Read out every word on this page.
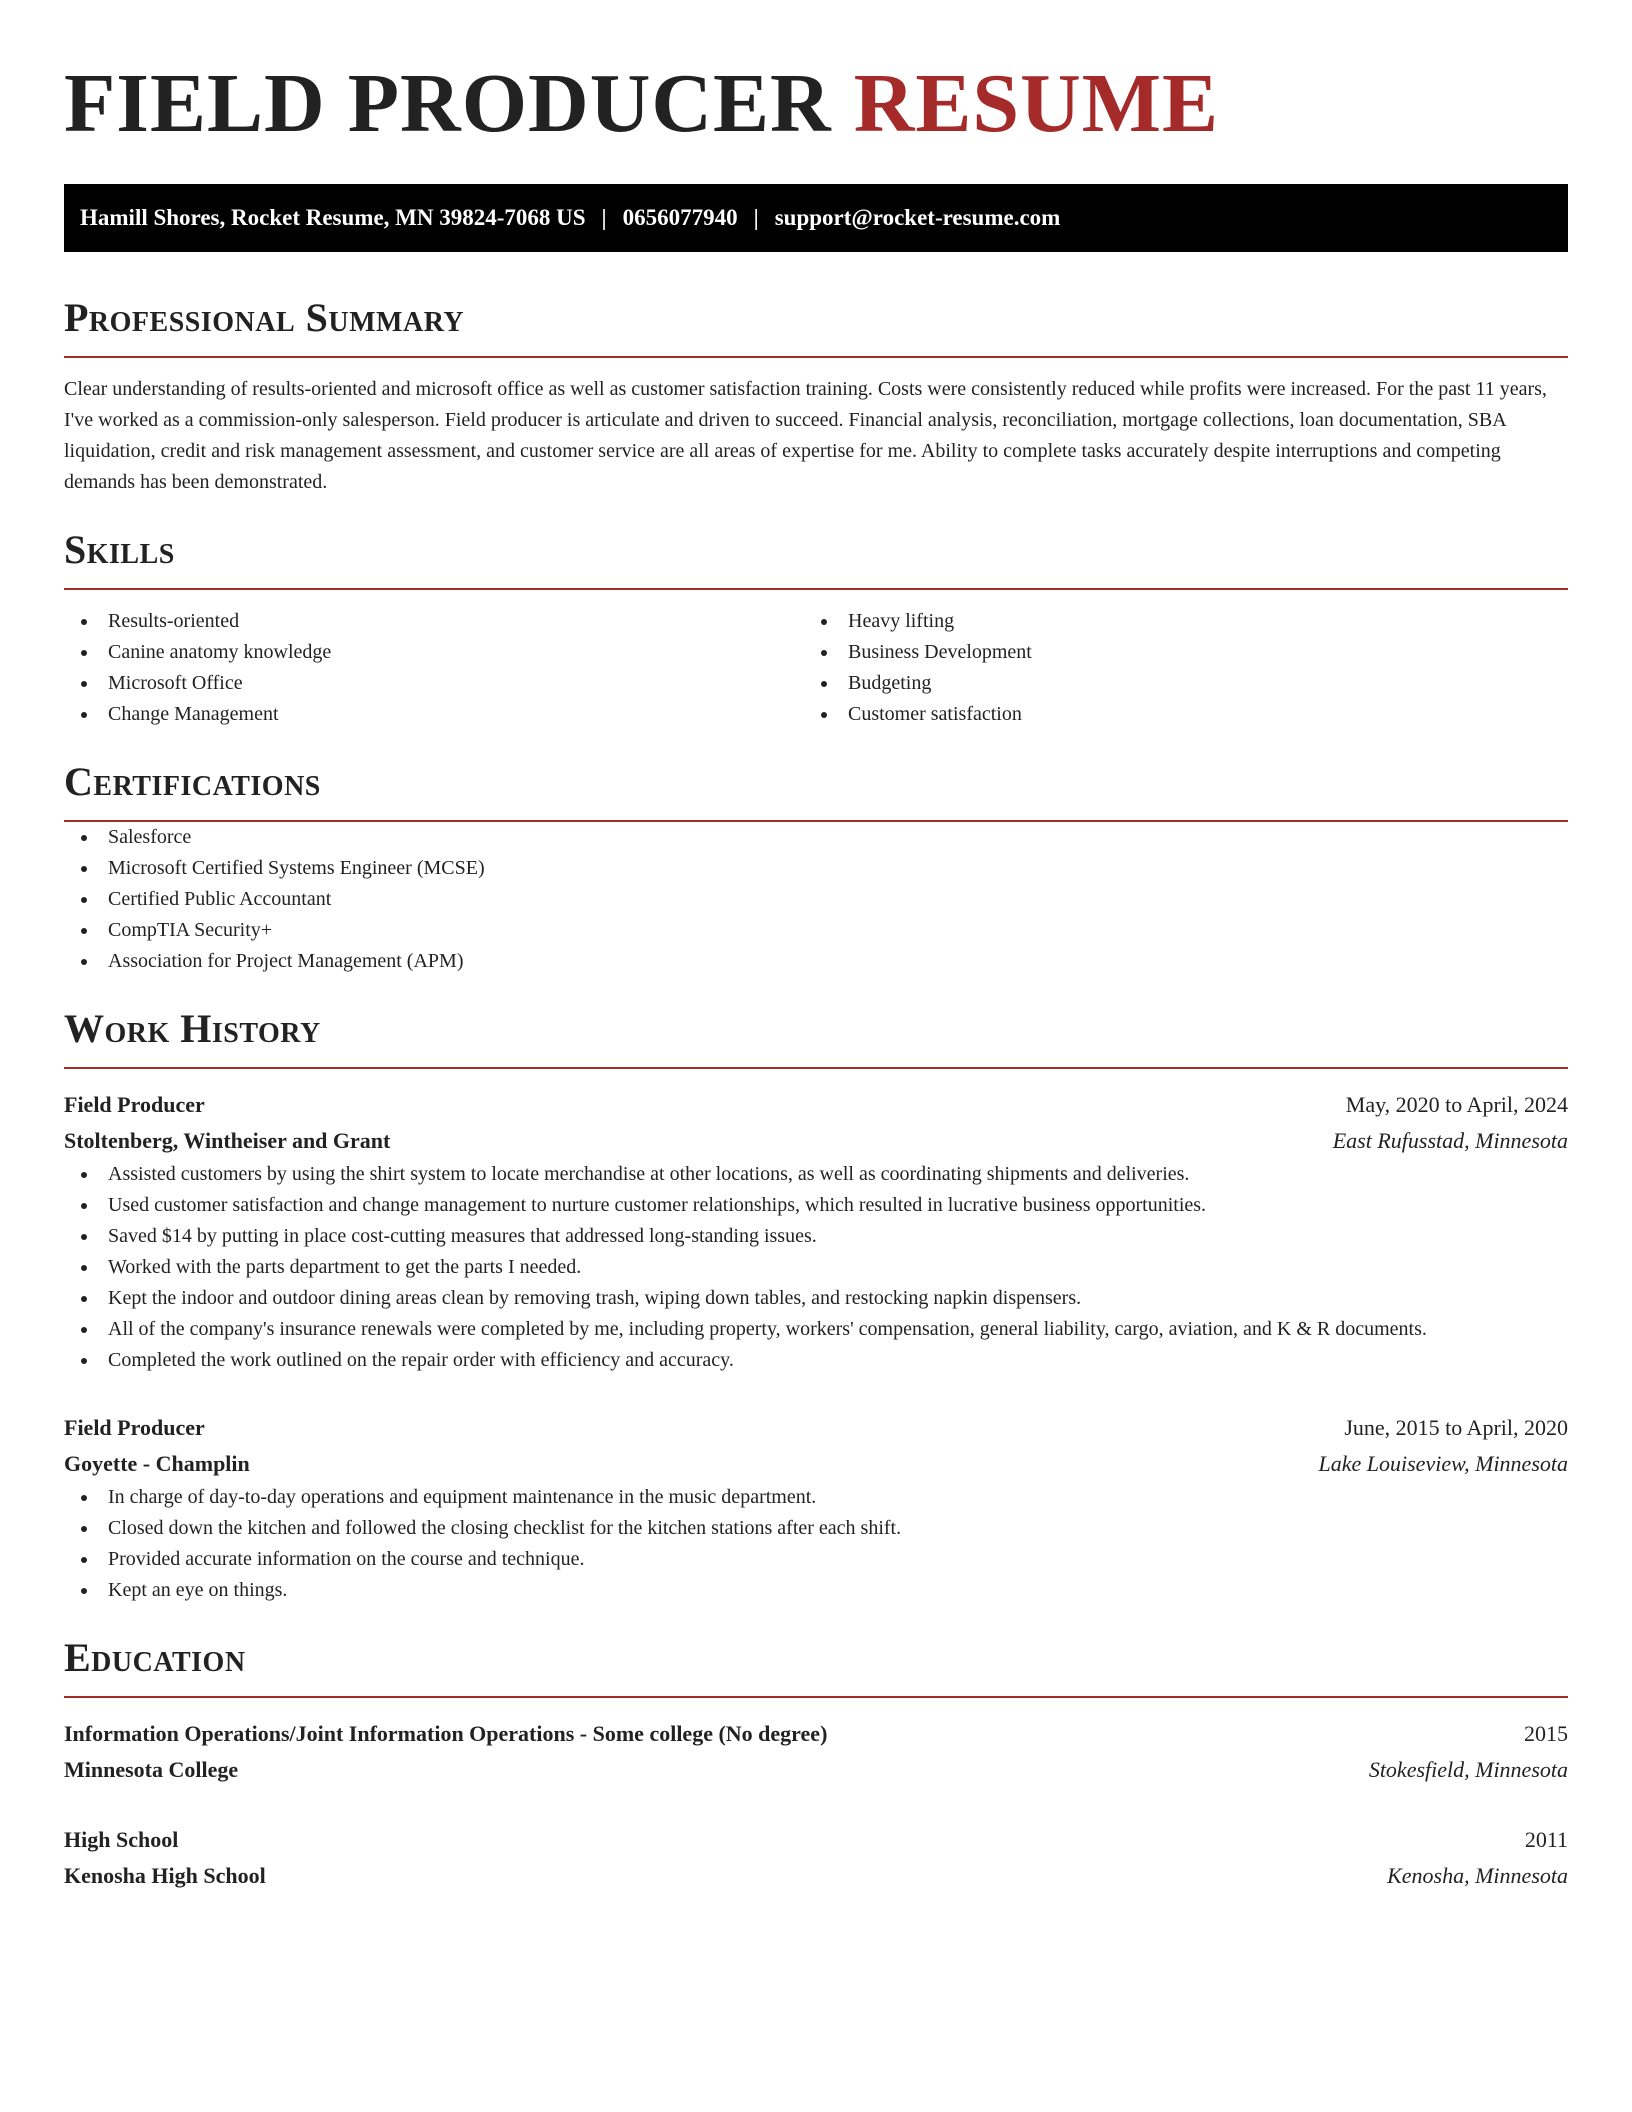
FIELD PRODUCER RESUME
Hamill Shores, Rocket Resume, MN 39824-7068 US | 0656077940 | support@rocket-resume.com
Professional Summary

Clear understanding of results-oriented and microsoft office as well as customer satisfaction training. Costs were consistently reduced while profits were increased. For the past 11 years, I've worked as a commission-only salesperson. Field producer is articulate and driven to succeed. Financial analysis, reconciliation, mortgage collections, loan documentation, SBA liquidation, credit and risk management assessment, and customer service are all areas of expertise for me. Ability to complete tasks accurately despite interruptions and competing demands has been demonstrated.

Skills
Results-oriented
Canine anatomy knowledge
Microsoft Office
Change Management
Heavy lifting
Business Development
Budgeting
Customer satisfaction
Certifications
Salesforce
Microsoft Certified Systems Engineer (MCSE)
Certified Public Accountant
CompTIA Security+
Association for Project Management (APM)
Work History
Field Producer	May, 2020 to April, 2024
Stoltenberg, Wintheiser and Grant	East Rufusstad, Minnesota
Assisted customers by using the shirt system to locate merchandise at other locations, as well as coordinating shipments and deliveries.
Used customer satisfaction and change management to nurture customer relationships, which resulted in lucrative business opportunities.
Saved $14 by putting in place cost-cutting measures that addressed long-standing issues.
Worked with the parts department to get the parts I needed.
Kept the indoor and outdoor dining areas clean by removing trash, wiping down tables, and restocking napkin dispensers.
All of the company's insurance renewals were completed by me, including property, workers' compensation, general liability, cargo, aviation, and K & R documents.
Completed the work outlined on the repair order with efficiency and accuracy.
Field Producer	June, 2015 to April, 2020
Goyette - Champlin	Lake Louiseview, Minnesota
In charge of day-to-day operations and equipment maintenance in the music department.
Closed down the kitchen and followed the closing checklist for the kitchen stations after each shift.
Provided accurate information on the course and technique.
Kept an eye on things.
Education
Information Operations/Joint Information Operations - Some college (No degree)	2015
Minnesota College	Stokesfield, Minnesota
High School	2011
Kenosha High School	Kenosha, Minnesota
